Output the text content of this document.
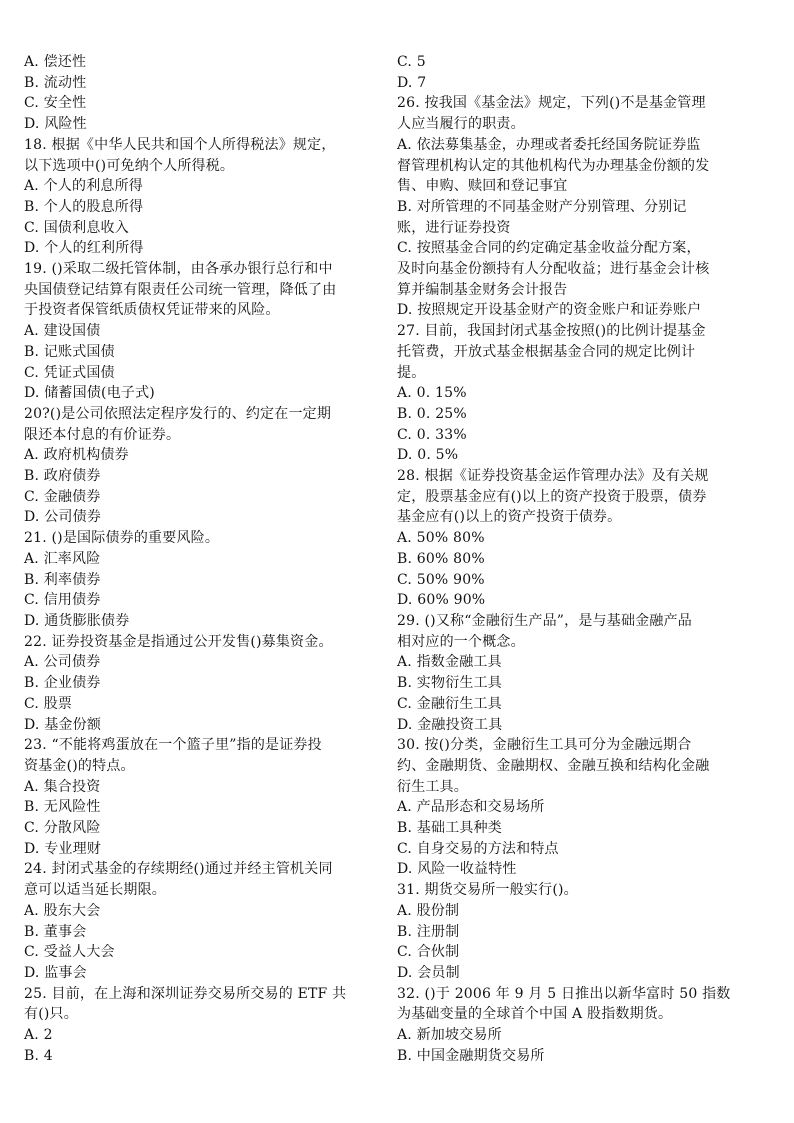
A. 偿还性
B. 流动性
C. 安全性
D. 风险性
18. 根据《中华人民共和国个人所得税法》规定，
以下选项中()可免纳个人所得税。
A. 个人的利息所得
B. 个人的股息所得
C. 国债利息收入
D. 个人的红利所得
19. ()采取二级托管体制，由各承办银行总行和中
央国债登记结算有限责任公司统一管理，降低了由
于投资者保管纸质债权凭证带来的风险。
A. 建设国债
B. 记账式国债
C. 凭证式国债
D. 储蓄国债(电子式)
20?()是公司依照法定程序发行的、约定在一定期
限还本付息的有价证券。
A. 政府机构债券
B. 政府债券
C. 金融债券
D. 公司债券
21. ()是国际债券的重要风险。
A. 汇率风险
B. 利率债券
C. 信用债券
D. 通货膨胀债券
22. 证券投资基金是指通过公开发售()募集资金。
A. 公司债券
B. 企业债券
C. 股票
D. 基金份额
23. “不能将鸡蛋放在一个篮子里”指的是证券投
资基金()的特点。
A. 集合投资
B. 无风险性
C. 分散风险
D. 专业理财
24. 封闭式基金的存续期经()通过并经主管机关同
意可以适当延长期限。
A. 股东大会
B. 董事会
C. 受益人大会
D. 监事会
25. 目前，在上海和深圳证券交易所交易的 ETF 共
有()只。
A. 2
B. 4
C. 5
D. 7
26. 按我国《基金法》规定，下列()不是基金管理
人应当履行的职责。
A. 依法募集基金，办理或者委托经国务院证券监
督管理机构认定的其他机构代为办理基金份额的发
售、申购、赎回和登记事宜
B. 对所管理的不同基金财产分别管理、分别记
账，进行证券投资
C. 按照基金合同的约定确定基金收益分配方案，
及时向基金份额持有人分配收益；进行基金会计核
算并编制基金财务会计报告
D. 按照规定开设基金财产的资金账户和证券账户
27. 目前，我国封闭式基金按照()的比例计提基金
托管费，开放式基金根据基金合同的规定比例计
提。
A. 0. 15%
B. 0. 25%
C. 0. 33%
D. 0. 5%
28. 根据《证券投资基金运作管理办法》及有关规
定，股票基金应有()以上的资产投资于股票，债券
基金应有()以上的资产投资于债券。
A. 50% 80%
B. 60% 80%
C. 50% 90%
D. 60% 90%
29. ()又称“金融衍生产品”，是与基础金融产品
相对应的一个概念。
A. 指数金融工具
B. 实物衍生工具
C. 金融衍生工具
D. 金融投资工具
30. 按()分类，金融衍生工具可分为金融远期合
约、金融期货、金融期权、金融互换和结构化金融
衍生工具。
A. 产品形态和交易场所
B. 基础工具种类
C. 自身交易的方法和特点
D. 风险一收益特性
31. 期货交易所一般实行()。
A. 股份制
B. 注册制
C. 合伙制
D. 会员制
32. ()于 2006 年 9 月 5 日推出以新华富时 50 指数
为基础变量的全球首个中国 A 股指数期货。
A. 新加坡交易所
B. 中国金融期货交易所
